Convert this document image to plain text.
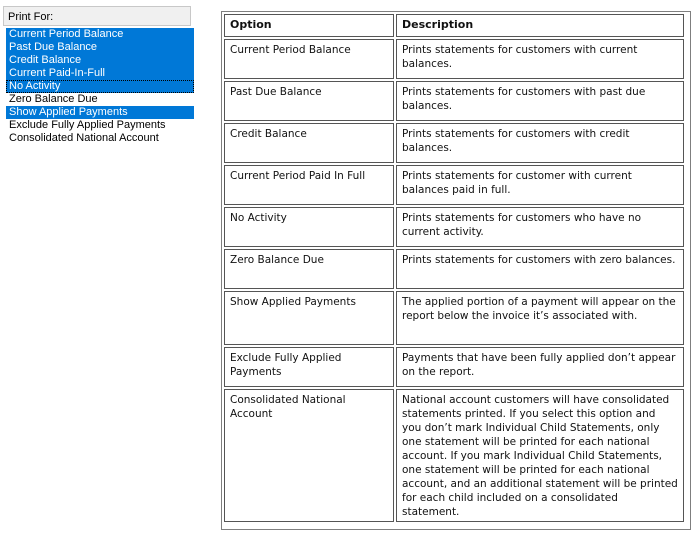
Print For:
Current Period Balance
Past Due Balance
Credit Balance
Current Paid-In-Full
No Activity
Zero Balance Due
Show Applied Payments
Exclude Fully Applied Payments
Consolidated National Account
Option	Description
Current Period Balance	Prints statements for customers with current balances.
Past Due Balance	Prints statements for customers with past due balances.
Credit Balance	Prints statements for customers with credit balances.
Current Period Paid In Full	Prints statements for customer with current balances paid in full.
No Activity	Prints statements for customers who have no current activity.
Zero Balance Due	Prints statements for customers with zero balances.
Show Applied Payments	The applied portion of a payment will appear on the report below the invoice it’s associated with.
Exclude Fully Applied Payments	Payments that have been fully applied don’t appear on the report.
Consolidated National Account	National account customers will have consolidated statements printed. If you select this option and you don’t mark Individual Child Statements, only one statement will be printed for each national account. If you mark Individual Child Statements, one statement will be printed for each national account, and an additional statement will be printed for each child included on a consolidated statement.
